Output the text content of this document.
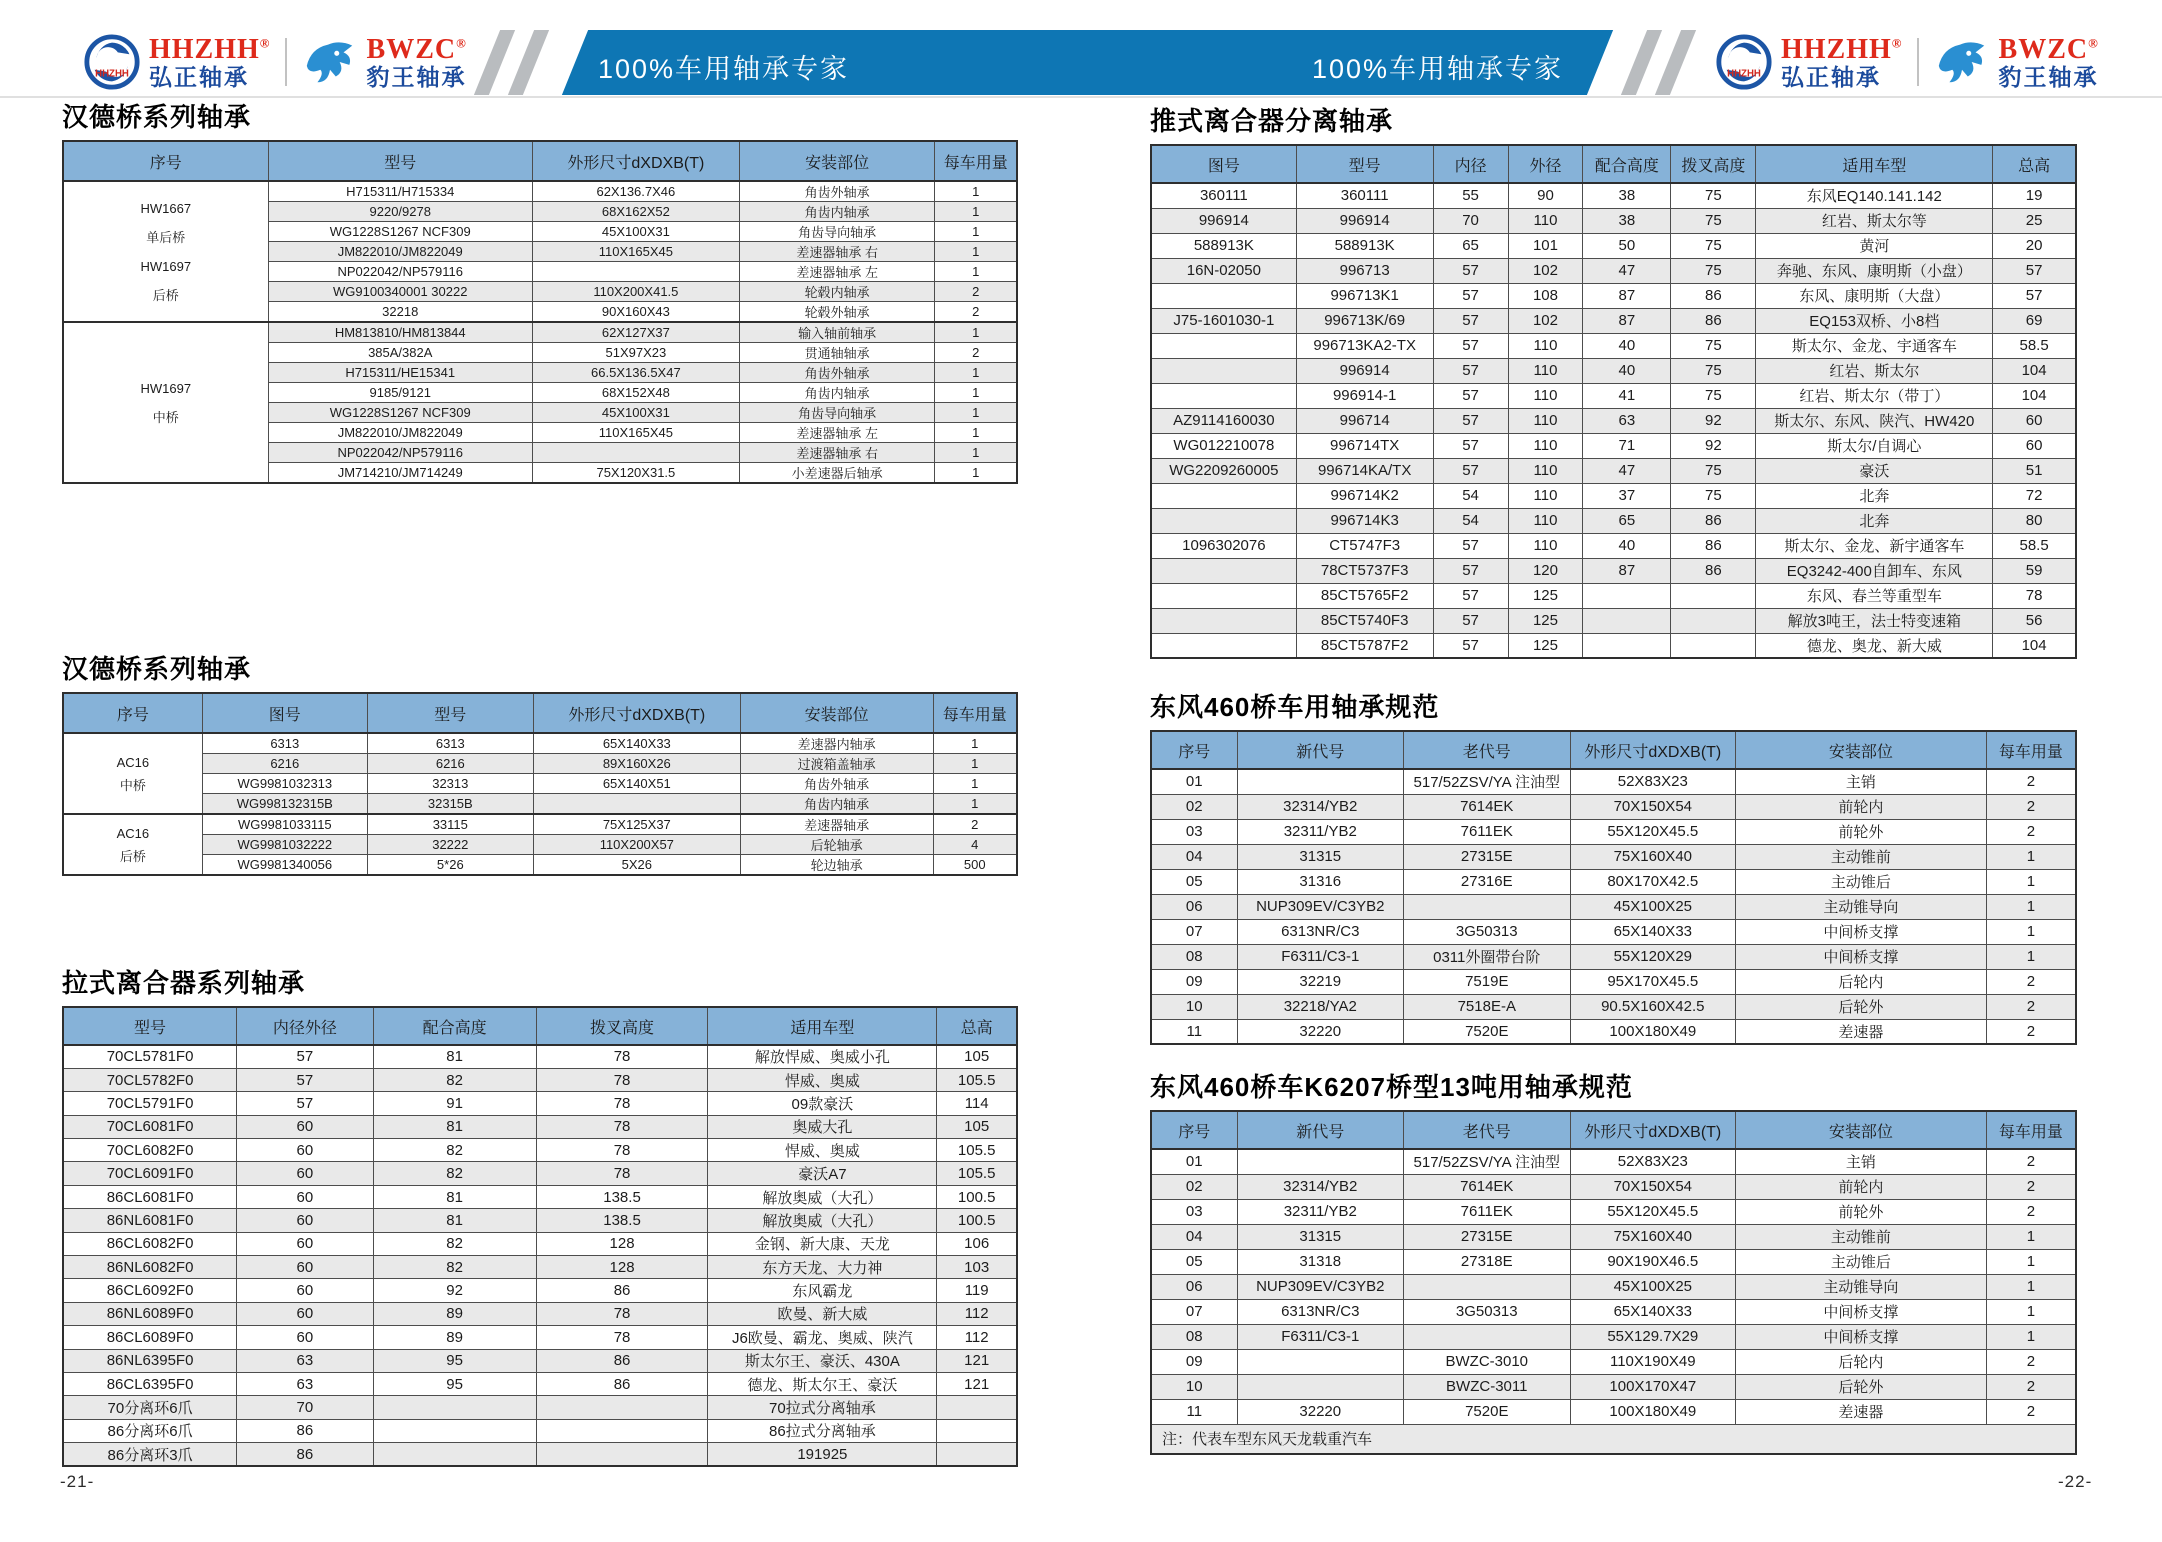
100%车用轴承专家	100%车用轴承专家
HHZHH
HHZHH®
弘正轴承
BWZC®
豹王轴承	HHZHH
HHZHH®
弘正轴承
BWZC®
豹王轴承
汉德桥系列轴承
序号	型号	外形尺寸dXDXB(T)	安装部位	每车用量

HW1667
单后桥
HW1697
后桥	H715311/H715334	62X136.7X46	角齿外轴承	1
	9220/9278	68X162X52	角齿内轴承	1
	WG1228S1267 NCF309	45X100X31	角齿导向轴承	1
	JM822010/JM822049	110X165X45	差速器轴承 右	1
	NP022042/NP579116		差速器轴承 左	1
	WG9100340001 30222	110X200X41.5	轮毂内轴承	2
	32218	90X160X43	轮毂外轴承	2

HW1697
中桥	HM813810/HM813844	62X127X37	输入轴前轴承	1
	385A/382A	51X97X23	贯通轴轴承	2
	H715311/HE15341	66.5X136.5X47	角齿外轴承	1
	9185/9121	68X152X48	角齿内轴承	1
	WG1228S1267 NCF309	45X100X31	角齿导向轴承	1
	JM822010/JM822049	110X165X45	差速器轴承 左	1
	NP022042/NP579116		差速器轴承 右	1
	JM714210/JM714249	75X120X31.5	小差速器后轴承	1
汉德桥系列轴承
序号	图号	型号	外形尺寸dXDXB(T)	安装部位	每车用量

AC16
中桥	6313	6313	65X140X33	差速器内轴承	1
	6216	6216	89X160X26	过渡箱盖轴承	1
	WG9981032313	32313	65X140X51	角齿外轴承	1
	WG998132315B	32315B		角齿内轴承	1

AC16
后桥	WG9981033115	33115	75X125X37	差速器轴承	2
	WG9981032222	32222	110X200X57	后轮轴承	4
	WG9981340056	5*26	5X26	轮边轴承	500
拉式离合器系列轴承
型号	内径外径	配合高度	拨叉高度	适用车型	总高
70CL5781F0	57	81	78	解放悍威、奥威小孔	105
70CL5782F0	57	82	78	悍威、奥威	105.5
70CL5791F0	57	91	78	09款豪沃	114
70CL6081F0	60	81	78	奥威大孔	105
70CL6082F0	60	82	78	悍威、奥威	105.5
70CL6091F0	60	82	78	豪沃A7	105.5
86CL6081F0	60	81	138.5	解放奥威（大孔）	100.5
86NL6081F0	60	81	138.5	解放奥威（大孔）	100.5
86CL6082F0	60	82	128	金钢、新大康、天龙	106
86NL6082F0	60	82	128	东方天龙、大力神	103
86CL6092F0	60	92	86	东风霸龙	119
86NL6089F0	60	89	78	欧曼、新大威	112
86CL6089F0	60	89	78	J6欧曼、霸龙、奥威、陕汽	112
86NL6395F0	63	95	86	斯太尔王、豪沃、430A	121
86CL6395F0	63	95	86	德龙、斯太尔王、豪沃	121
70分离环6爪	70			70拉式分离轴承	
86分离环6爪	86			86拉式分离轴承	
86分离环3爪	86			191925	
推式离合器分离轴承
图号	型号	内径	外径	配合高度	拨叉高度	适用车型	总高
360111	360111	55	90	38	75	东风EQ140.141.142	19
996914	996914	70	110	38	75	红岩、斯太尔等	25
588913K	588913K	65	101	50	75	黄河	20
16N-02050	996713	57	102	47	75	奔驰、东风、康明斯（小盘）	57
	996713K1	57	108	87	86	东风、康明斯（大盘）	57
J75-1601030-1	996713K/69	57	102	87	86	EQ153双桥、小8档	69
	996713KA2-TX	57	110	40	75	斯太尔、金龙、宇通客车	58.5
	996914	57	110	40	75	红岩、斯太尔	104
	996914-1	57	110	41	75	红岩、斯太尔（带丁）	104
AZ9114160030	996714	57	110	63	92	斯太尔、东风、陕汽、HW420	60
WG012210078	996714TX	57	110	71	92	斯太尔/自调心	60
WG2209260005	996714KA/TX	57	110	47	75	豪沃	51
	996714K2	54	110	37	75	北奔	72
	996714K3	54	110	65	86	北奔	80
1096302076	CT5747F3	57	110	40	86	斯太尔、金龙、新宇通客车	58.5
	78CT5737F3	57	120	87	86	EQ3242-400自卸车、东风	59
	85CT5765F2	57	125			东风、春兰等重型车	78
	85CT5740F3	57	125			解放3吨王，法士特变速箱	56
	85CT5787F2	57	125			德龙、奥龙、新大威	104
东风460桥车用轴承规范
序号	新代号	老代号	外形尺寸dXDXB(T)	安装部位	每车用量
01		517/52ZSV/YA 注油型	52X83X23	主销	2
02	32314/YB2	7614EK	70X150X54	前轮内	2
03	32311/YB2	7611EK	55X120X45.5	前轮外	2
04	31315	27315E	75X160X40	主动锥前	1
05	31316	27316E	80X170X42.5	主动锥后	1
06	NUP309EV/C3YB2		45X100X25	主动锥导向	1
07	6313NR/C3	3G50313	65X140X33	中间桥支撑	1
08	F6311/C3-1	0311外圈带台阶	55X120X29	中间桥支撑	1
09	32219	7519E	95X170X45.5	后轮内	2
10	32218/YA2	7518E-A	90.5X160X42.5	后轮外	2
11	32220	7520E	100X180X49	差速器	2
东风460桥车K6207桥型13吨用轴承规范
序号	新代号	老代号	外形尺寸dXDXB(T)	安装部位	每车用量
01		517/52ZSV/YA 注油型	52X83X23	主销	2
02	32314/YB2	7614EK	70X150X54	前轮内	2
03	32311/YB2	7611EK	55X120X45.5	前轮外	2
04	31315	27315E	75X160X40	主动锥前	1
05	31318	27318E	90X190X46.5	主动锥后	1
06	NUP309EV/C3YB2		45X100X25	主动锥导向	1
07	6313NR/C3	3G50313	65X140X33	中间桥支撑	1
08	F6311/C3-1		55X129.7X29	中间桥支撑	1
09		BWZC-3010	110X190X49	后轮内	2
10		BWZC-3011	100X170X47	后轮外	2
11	32220	7520E	100X180X49	差速器	2
注：代表车型东风天龙载重汽车					
-21-	-22-
